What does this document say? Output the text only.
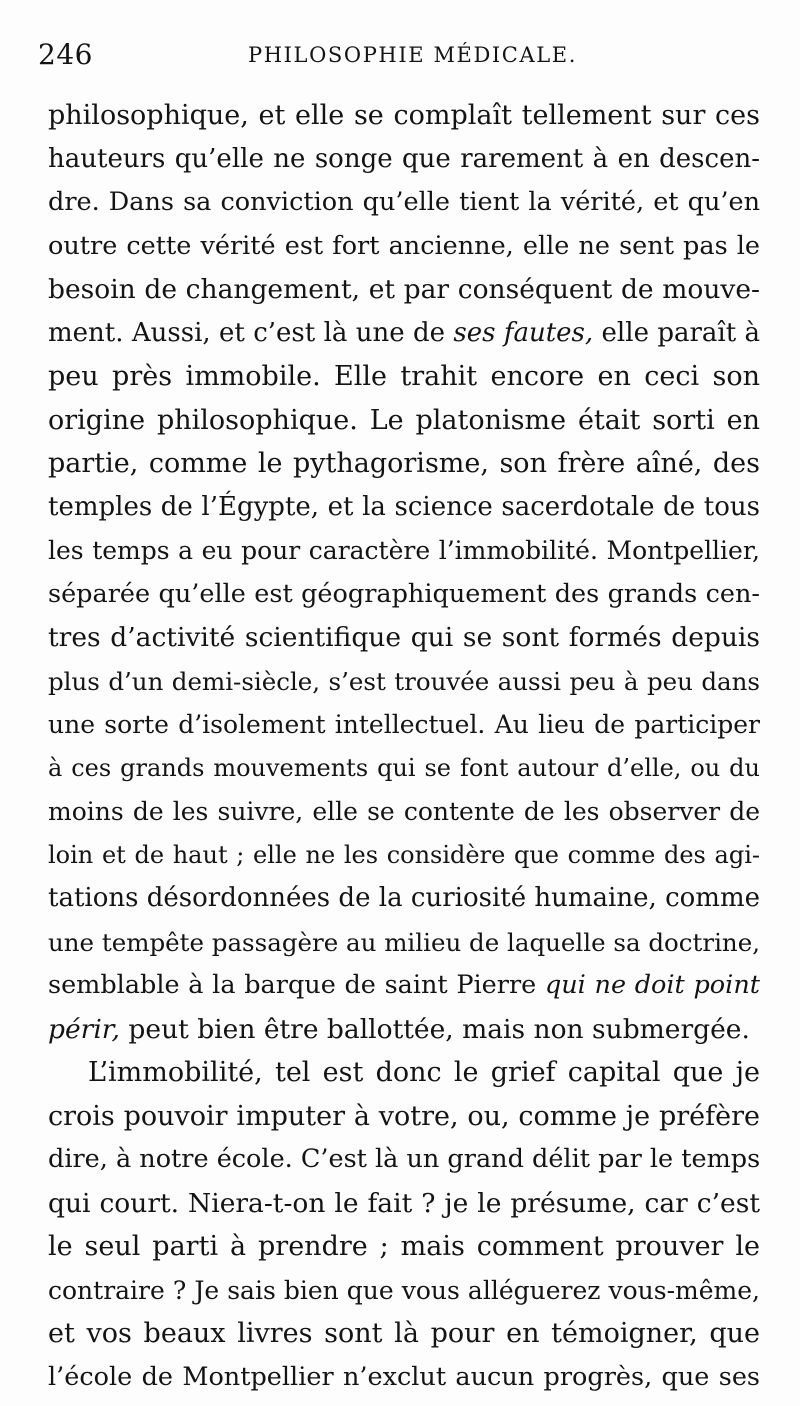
246	PHILOSOPHIE MÉDICALE.
philosophique, et elle se complaît tellement sur ces
hauteurs qu’elle ne songe que rarement à en descen-
dre. Dans sa conviction qu’elle tient la vérité, et qu’en
outre cette vérité est fort ancienne, elle ne sent pas le
besoin de changement, et par conséquent de mouve-
ment. Aussi, et c’est là une de ses fautes, elle paraît à
peu près immobile. Elle trahit encore en ceci son
origine philosophique. Le platonisme était sorti en
partie, comme le pythagorisme, son frère aîné, des
temples de l’Égypte, et la science sacerdotale de tous
les temps a eu pour caractère l’immobilité. Montpellier,
séparée qu’elle est géographiquement des grands cen-
tres d’activité scientifique qui se sont formés depuis
plus d’un demi-siècle, s’est trouvée aussi peu à peu dans
une sorte d’isolement intellectuel. Au lieu de participer
à ces grands mouvements qui se font autour d’elle, ou du
moins de les suivre, elle se contente de les observer de
loin et de haut ; elle ne les considère que comme des agi-
tations désordonnées de la curiosité humaine, comme
une tempête passagère au milieu de laquelle sa doctrine,
semblable à la barque de saint Pierre qui ne doit point
périr, peut bien être ballottée, mais non submergée.
L’immobilité, tel est donc le grief capital que je
crois pouvoir imputer à votre, ou, comme je préfère
dire, à notre école. C’est là un grand délit par le temps
qui court. Niera-t-on le fait ? je le présume, car c’est
le seul parti à prendre ; mais comment prouver le
contraire ? Je sais bien que vous alléguerez vous-même,
et vos beaux livres sont là pour en témoigner, que
l’école de Montpellier n’exclut aucun progrès, que ses
